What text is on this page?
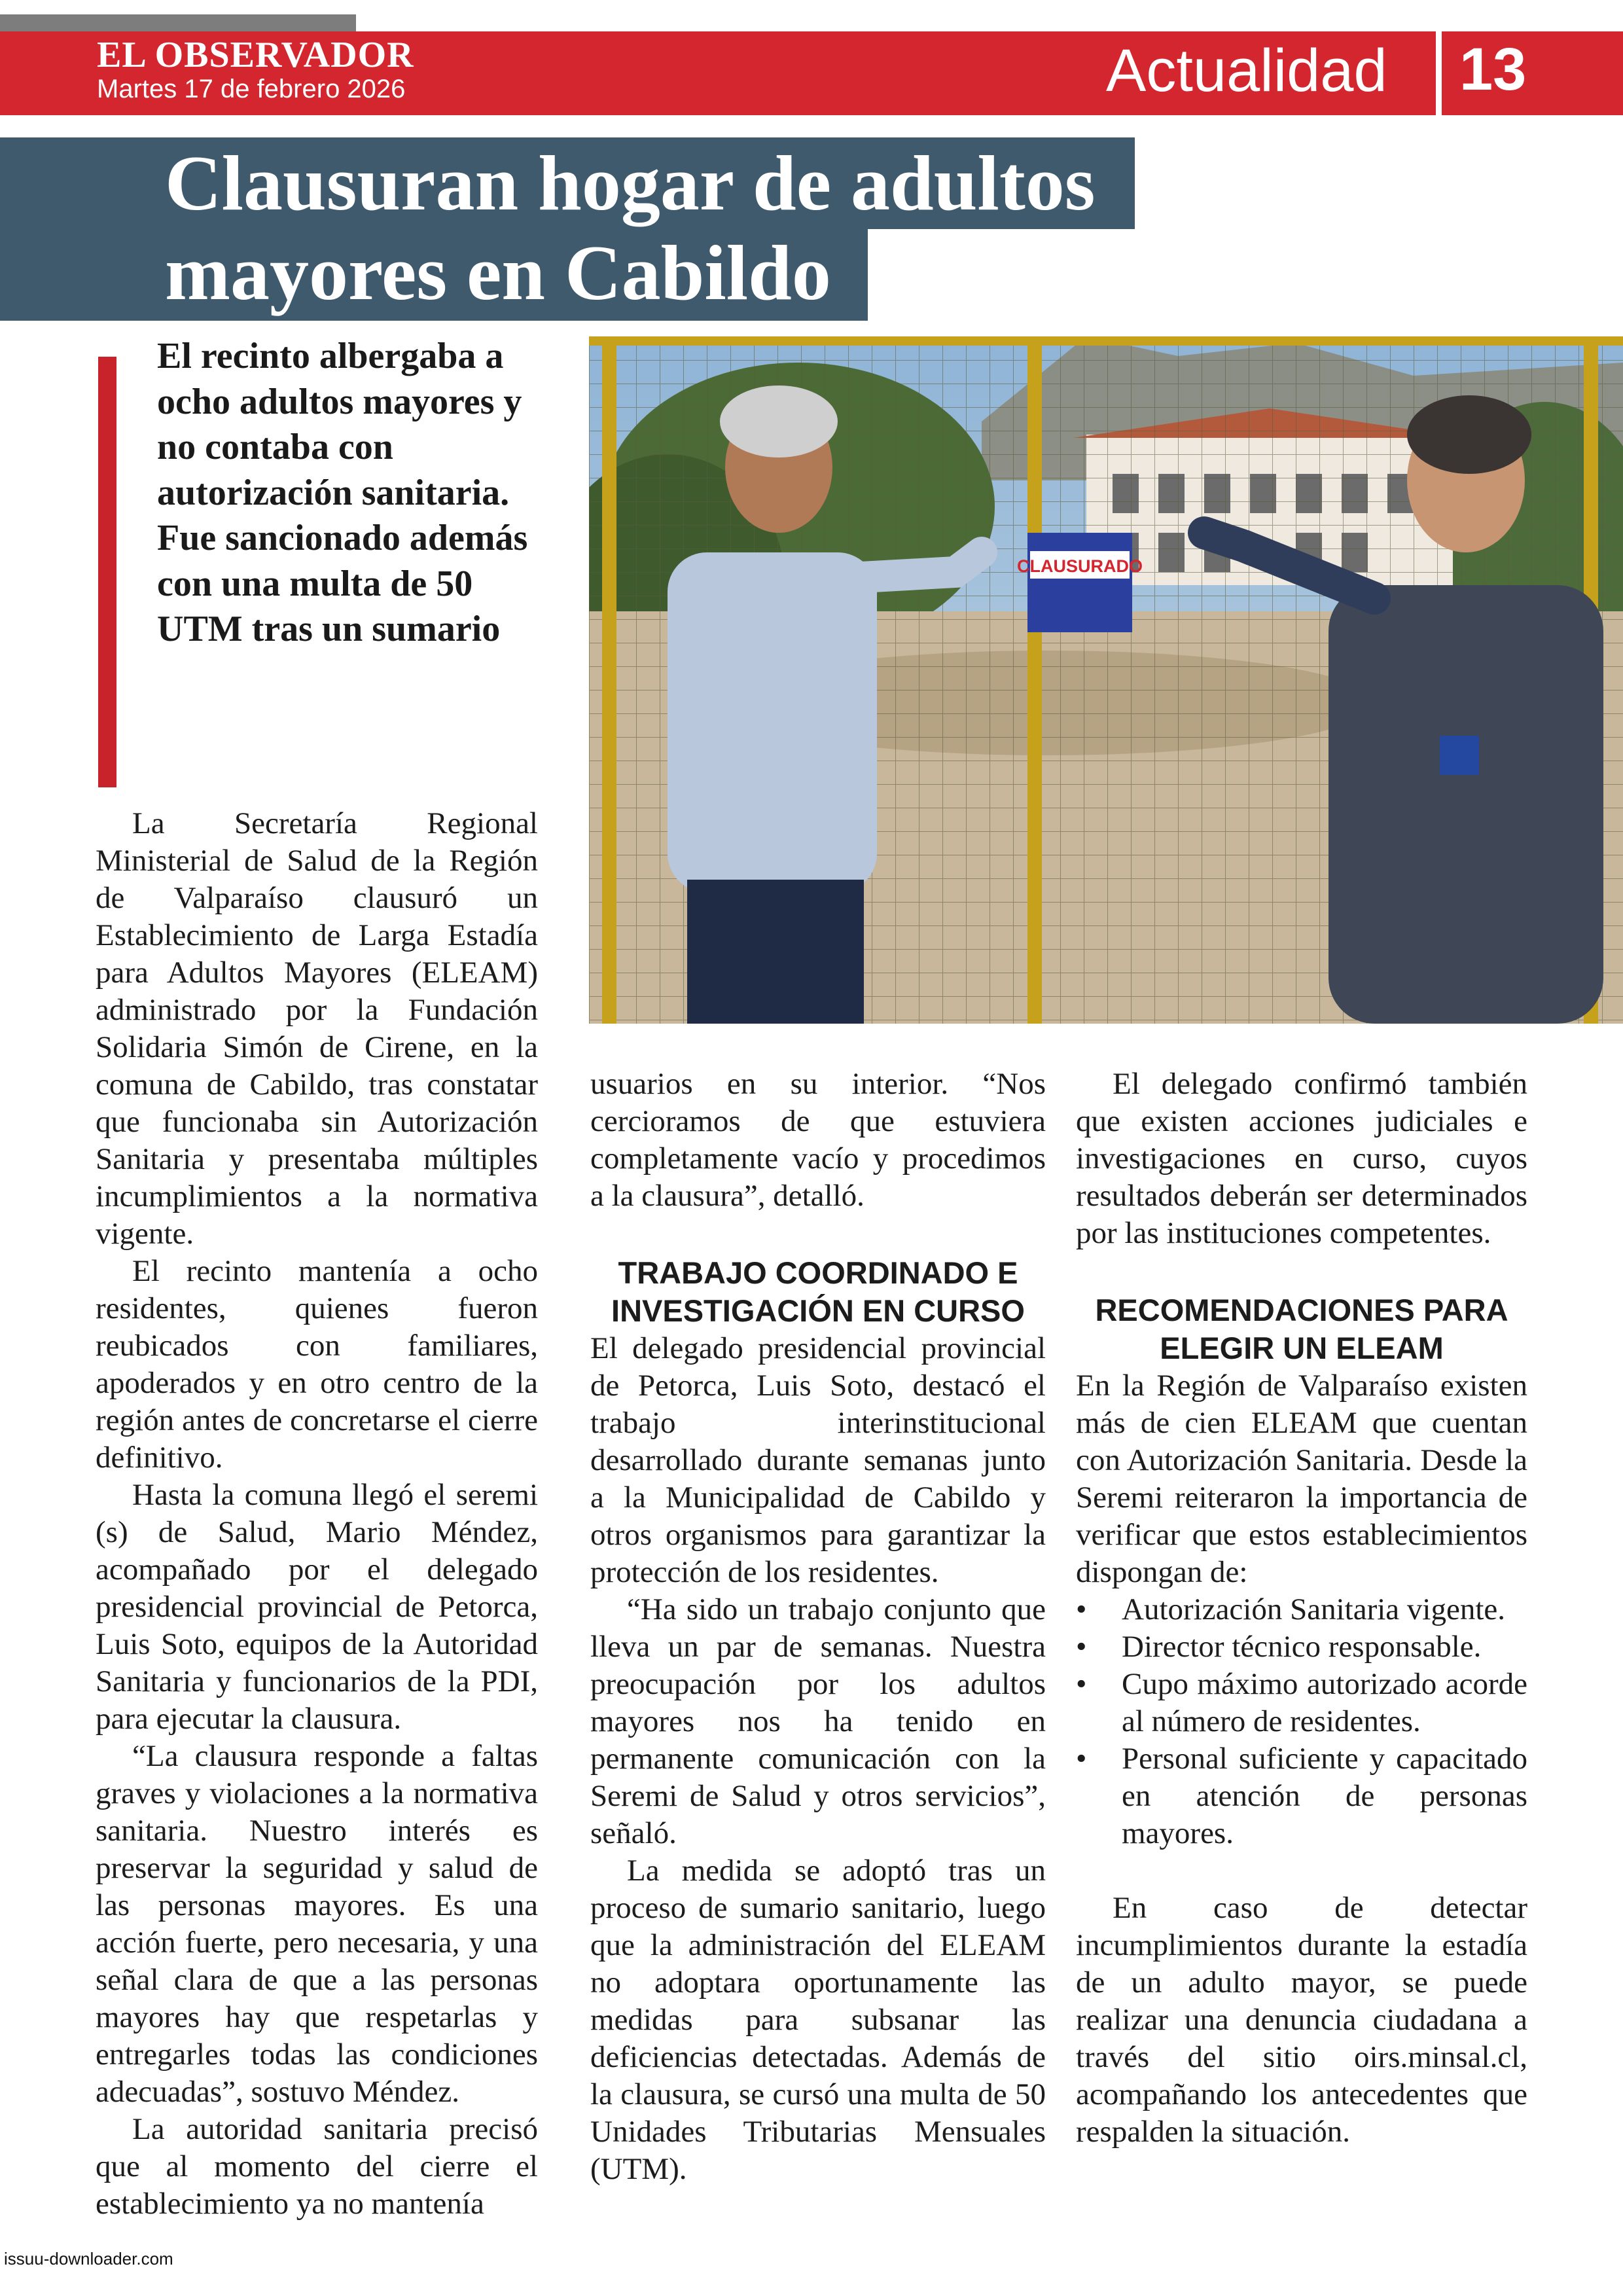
EL OBSERVADOR
Martes 17 de febrero 2026	Actualidad 13
Clausuran hogar de adultos
mayores en Cabildo
El recinto albergaba a ocho adultos mayores y no contaba con autorización sanitaria. Fue sancionado además con una multa de 50 UTM tras un sumario
CLAUSURADO

La Secretaría Regional Ministerial de Salud de la Región de Valparaíso clausuró un Establecimiento de Larga Estadía para Adultos Mayores (ELEAM) administrado por la Fundación Solidaria Simón de Cirene, en la comuna de Cabildo, tras constatar que funcionaba sin Autorización Sanitaria y presentaba múltiples incumplimientos a la normativa vigente.

El recinto mantenía a ocho residentes, quienes fueron reubicados con familiares, apoderados y en otro centro de la región antes de concretarse el cierre definitivo.

Hasta la comuna llegó el seremi (s) de Salud, Mario Méndez, acompañado por el delegado presidencial provincial de Petorca, Luis Soto, equipos de la Autoridad Sanitaria y funcionarios de la PDI, para ejecutar la clausura.

“La clausura responde a faltas graves y violaciones a la normativa sanitaria. Nuestro interés es preservar la seguridad y salud de las personas mayores. Es una acción fuerte, pero necesaria, y una señal clara de que a las personas mayores hay que respetarlas y entregarles todas las condiciones adecuadas”, sostuvo Méndez.

La autoridad sanitaria precisó que al momento del cierre el establecimiento ya no mantenía

usuarios en su interior. “Nos cercioramos de que estuviera completamente vacío y procedimos a la clausura”, detalló.

TRABAJO COORDINADO E INVESTIGACIÓN EN CURSO

El delegado presidencial provincial de Petorca, Luis Soto, destacó el trabajo interinstitucional desarrollado durante semanas junto a la Municipalidad de Cabildo y otros organismos para garantizar la protección de los residentes.

“Ha sido un trabajo conjunto que lleva un par de semanas. Nuestra preocupación por los adultos mayores nos ha tenido en permanente comunicación con la Seremi de Salud y otros servicios”, señaló.

La medida se adoptó tras un proceso de sumario sanitario, luego que la administración del ELEAM no adoptara oportunamente las medidas para subsanar las deficiencias detectadas. Además de la clausura, se cursó una multa de 50 Unidades Tributarias Mensuales (UTM).

El delegado confirmó también que existen acciones judiciales e investigaciones en curso, cuyos resultados deberán ser determinados por las instituciones competentes.

RECOMENDACIONES PARA ELEGIR UN ELEAM

En la Región de Valparaíso existen más de cien ELEAM que cuentan con Autorización Sanitaria. Desde la Seremi reiteraron la importancia de verificar que estos establecimientos dispongan de:

• Autorización Sanitaria vigente.
• Director técnico responsable.
• Cupo máximo autorizado acorde al número de residentes.
• Personal suficiente y capacitado en atención de personas mayores.

En caso de detectar incumplimientos durante la estadía de un adulto mayor, se puede realizar una denuncia ciudadana a través del sitio oirs.minsal.cl, acompañando los antecedentes que respalden la situación.

issuu-downloader.com
